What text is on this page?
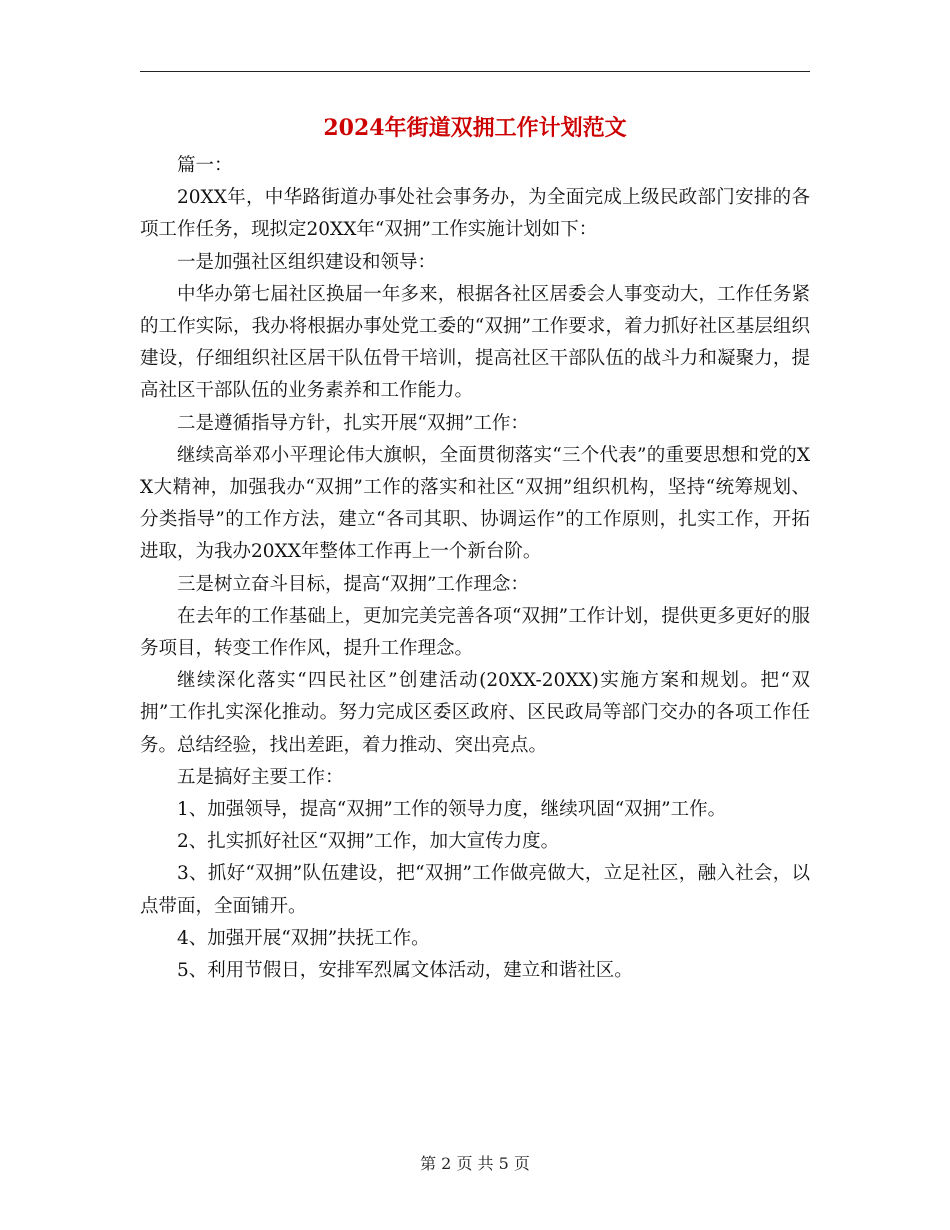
2024年街道双拥工作计划范文

篇一：

20XX年，中华路街道办事处社会事务办，为全面完成上级民政部门安排的各项工作任务，现拟定20XX年“双拥”工作实施计划如下：

一是加强社区组织建设和领导：

中华办第七届社区换届一年多来，根据各社区居委会人事变动大，工作任务紧的工作实际，我办将根据办事处党工委的“双拥”工作要求，着力抓好社区基层组织建设，仔细组织社区居干队伍骨干培训，提高社区干部队伍的战斗力和凝聚力，提高社区干部队伍的业务素养和工作能力。

二是遵循指导方针，扎实开展“双拥”工作：

继续高举邓小平理论伟大旗帜，全面贯彻落实“三个代表”的重要思想和党的XX大精神，加强我办“双拥”工作的落实和社区“双拥”组织机构，坚持“统筹规划、分类指导”的工作方法，建立“各司其职、协调运作”的工作原则，扎实工作，开拓进取，为我办20XX年整体工作再上一个新台阶。

三是树立奋斗目标，提高“双拥”工作理念：

在去年的工作基础上，更加完美完善各项“双拥”工作计划，提供更多更好的服务项目，转变工作作风，提升工作理念。

继续深化落实“四民社区”创建活动(20XX-20XX)实施方案和规划。把“双拥”工作扎实深化推动。努力完成区委区政府、区民政局等部门交办的各项工作任务。总结经验，找出差距，着力推动、突出亮点。

五是搞好主要工作：

1、加强领导，提高“双拥”工作的领导力度，继续巩固“双拥”工作。

2、扎实抓好社区“双拥”工作，加大宣传力度。

3、抓好“双拥”队伍建设，把“双拥”工作做亮做大，立足社区，融入社会，以点带面，全面铺开。

4、加强开展“双拥”扶抚工作。

5、利用节假日，安排军烈属文体活动，建立和谐社区。

第 2 页 共 5 页
